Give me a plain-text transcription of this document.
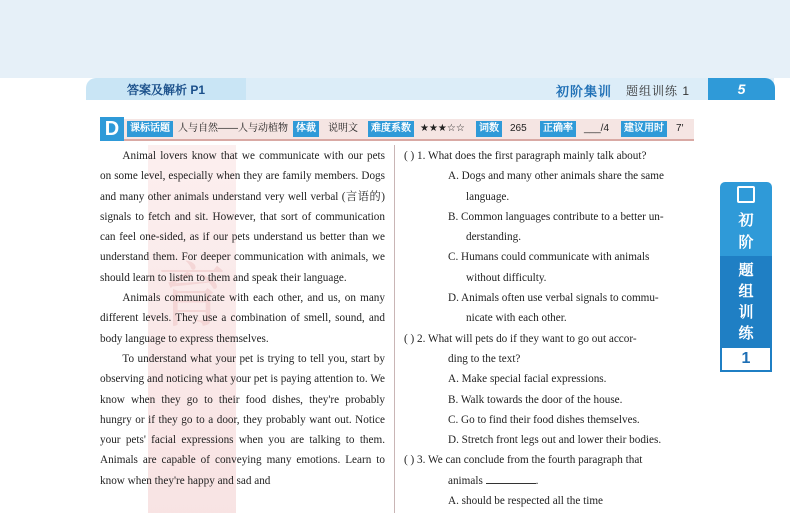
答案及解析 P1	初阶集训 题组训练 1	5
D	课标话题 人与自然——人与动植物 体裁	说明文	难度系数 ★★★☆☆	词数	265	正确率	___/4	建议用时	7′
育

Animal lovers know that we communicate with our pets on some level, especially when they are family members. Dogs and many other animals understand very well verbal (言语的) signals to fetch and sit. However, that sort of communication can feel one-sided, as if our pets understand us better than we understand them. For deeper communication with animals, we should learn to listen to them and speak their language.

Animals communicate with each other, and us, on many different levels. They use a combination of smell, sound, and body language to express themselves.

To understand what your pet is trying to tell you, start by observing and noticing what your pet is paying attention to. We know when they go to their food dishes, they're probably hungry or if they go to a door, they probably want out. Notice your pets' facial expressions when you are talking to them. Animals are capable of conveying many emotions. Learn to know when they're happy and sad and

( ) 1. What does the first paragraph mainly talk about?
A. Dogs and many other animals share the same
language.
B. Common languages contribute to a better un-
derstanding.
C. Humans could communicate with animals
without difficulty.
D. Animals often use verbal signals to commu-
nicate with each other.
( ) 2. What will pets do if they want to go out accor-
ding to the text?
A. Make special facial expressions.
B. Walk towards the door of the house.
C. Go to find their food dishes themselves.
D. Stretch front legs out and lower their bodies.
( ) 3. We can conclude from the fourth paragraph that
animals	.
A. should be respected all the time

初
阶
题
组
训
练
1
